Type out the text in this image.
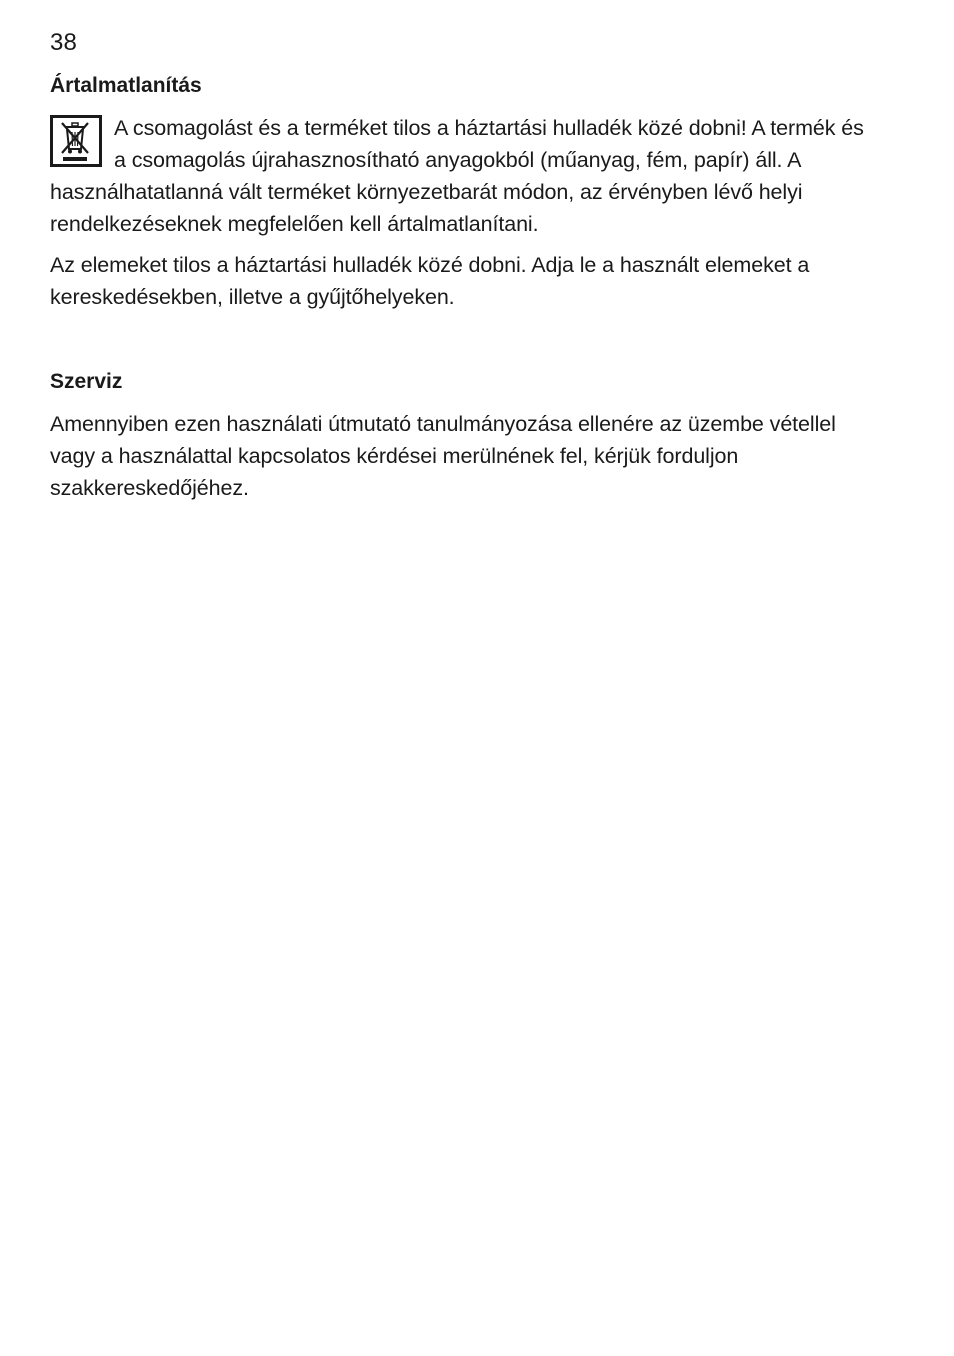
38
Ártalmatlanítás

A csomagolást és a terméket tilos a háztartási hulladék közé dobni! A termék és a csomagolás újrahasznosítható anyagokból (műanyag, fém, papír) áll. A használhatatlanná vált terméket környezetbarát módon, az érvényben lévő helyi rendelkezéseknek megfelelően kell ártalmatlanítani.

Az elemeket tilos a háztartási hulladék közé dobni. Adja le a használt elemeket a kereskedésekben, illetve a gyűjtőhelyeken.

Szerviz

Amennyiben ezen használati útmutató tanulmányozása ellenére az üzembe vétellel vagy a használattal kapcsolatos kérdései merülnének fel, kérjük forduljon szakkereskedőjéhez.
